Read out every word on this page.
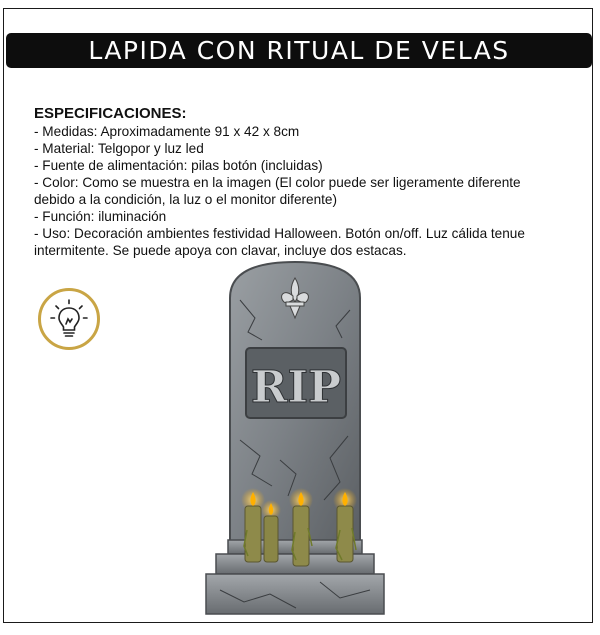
LAPIDA CON RITUAL DE VELAS
ESPECIFICACIONES:
- Medidas: Aproximadamente 91 x 42 x 8cm
- Material: Telgopor y luz led
- Fuente de alimentación: pilas botón (incluidas)
- Color: Como se muestra en la imagen (El color puede ser ligeramente diferente debido a la condición, la luz o el monitor diferente)
- Función: iluminación
- Uso: Decoración ambientes festividad Halloween. Botón on/off. Luz cálida tenue intermitente. Se puede apoya con clavar, incluye dos estacas.
RIP
